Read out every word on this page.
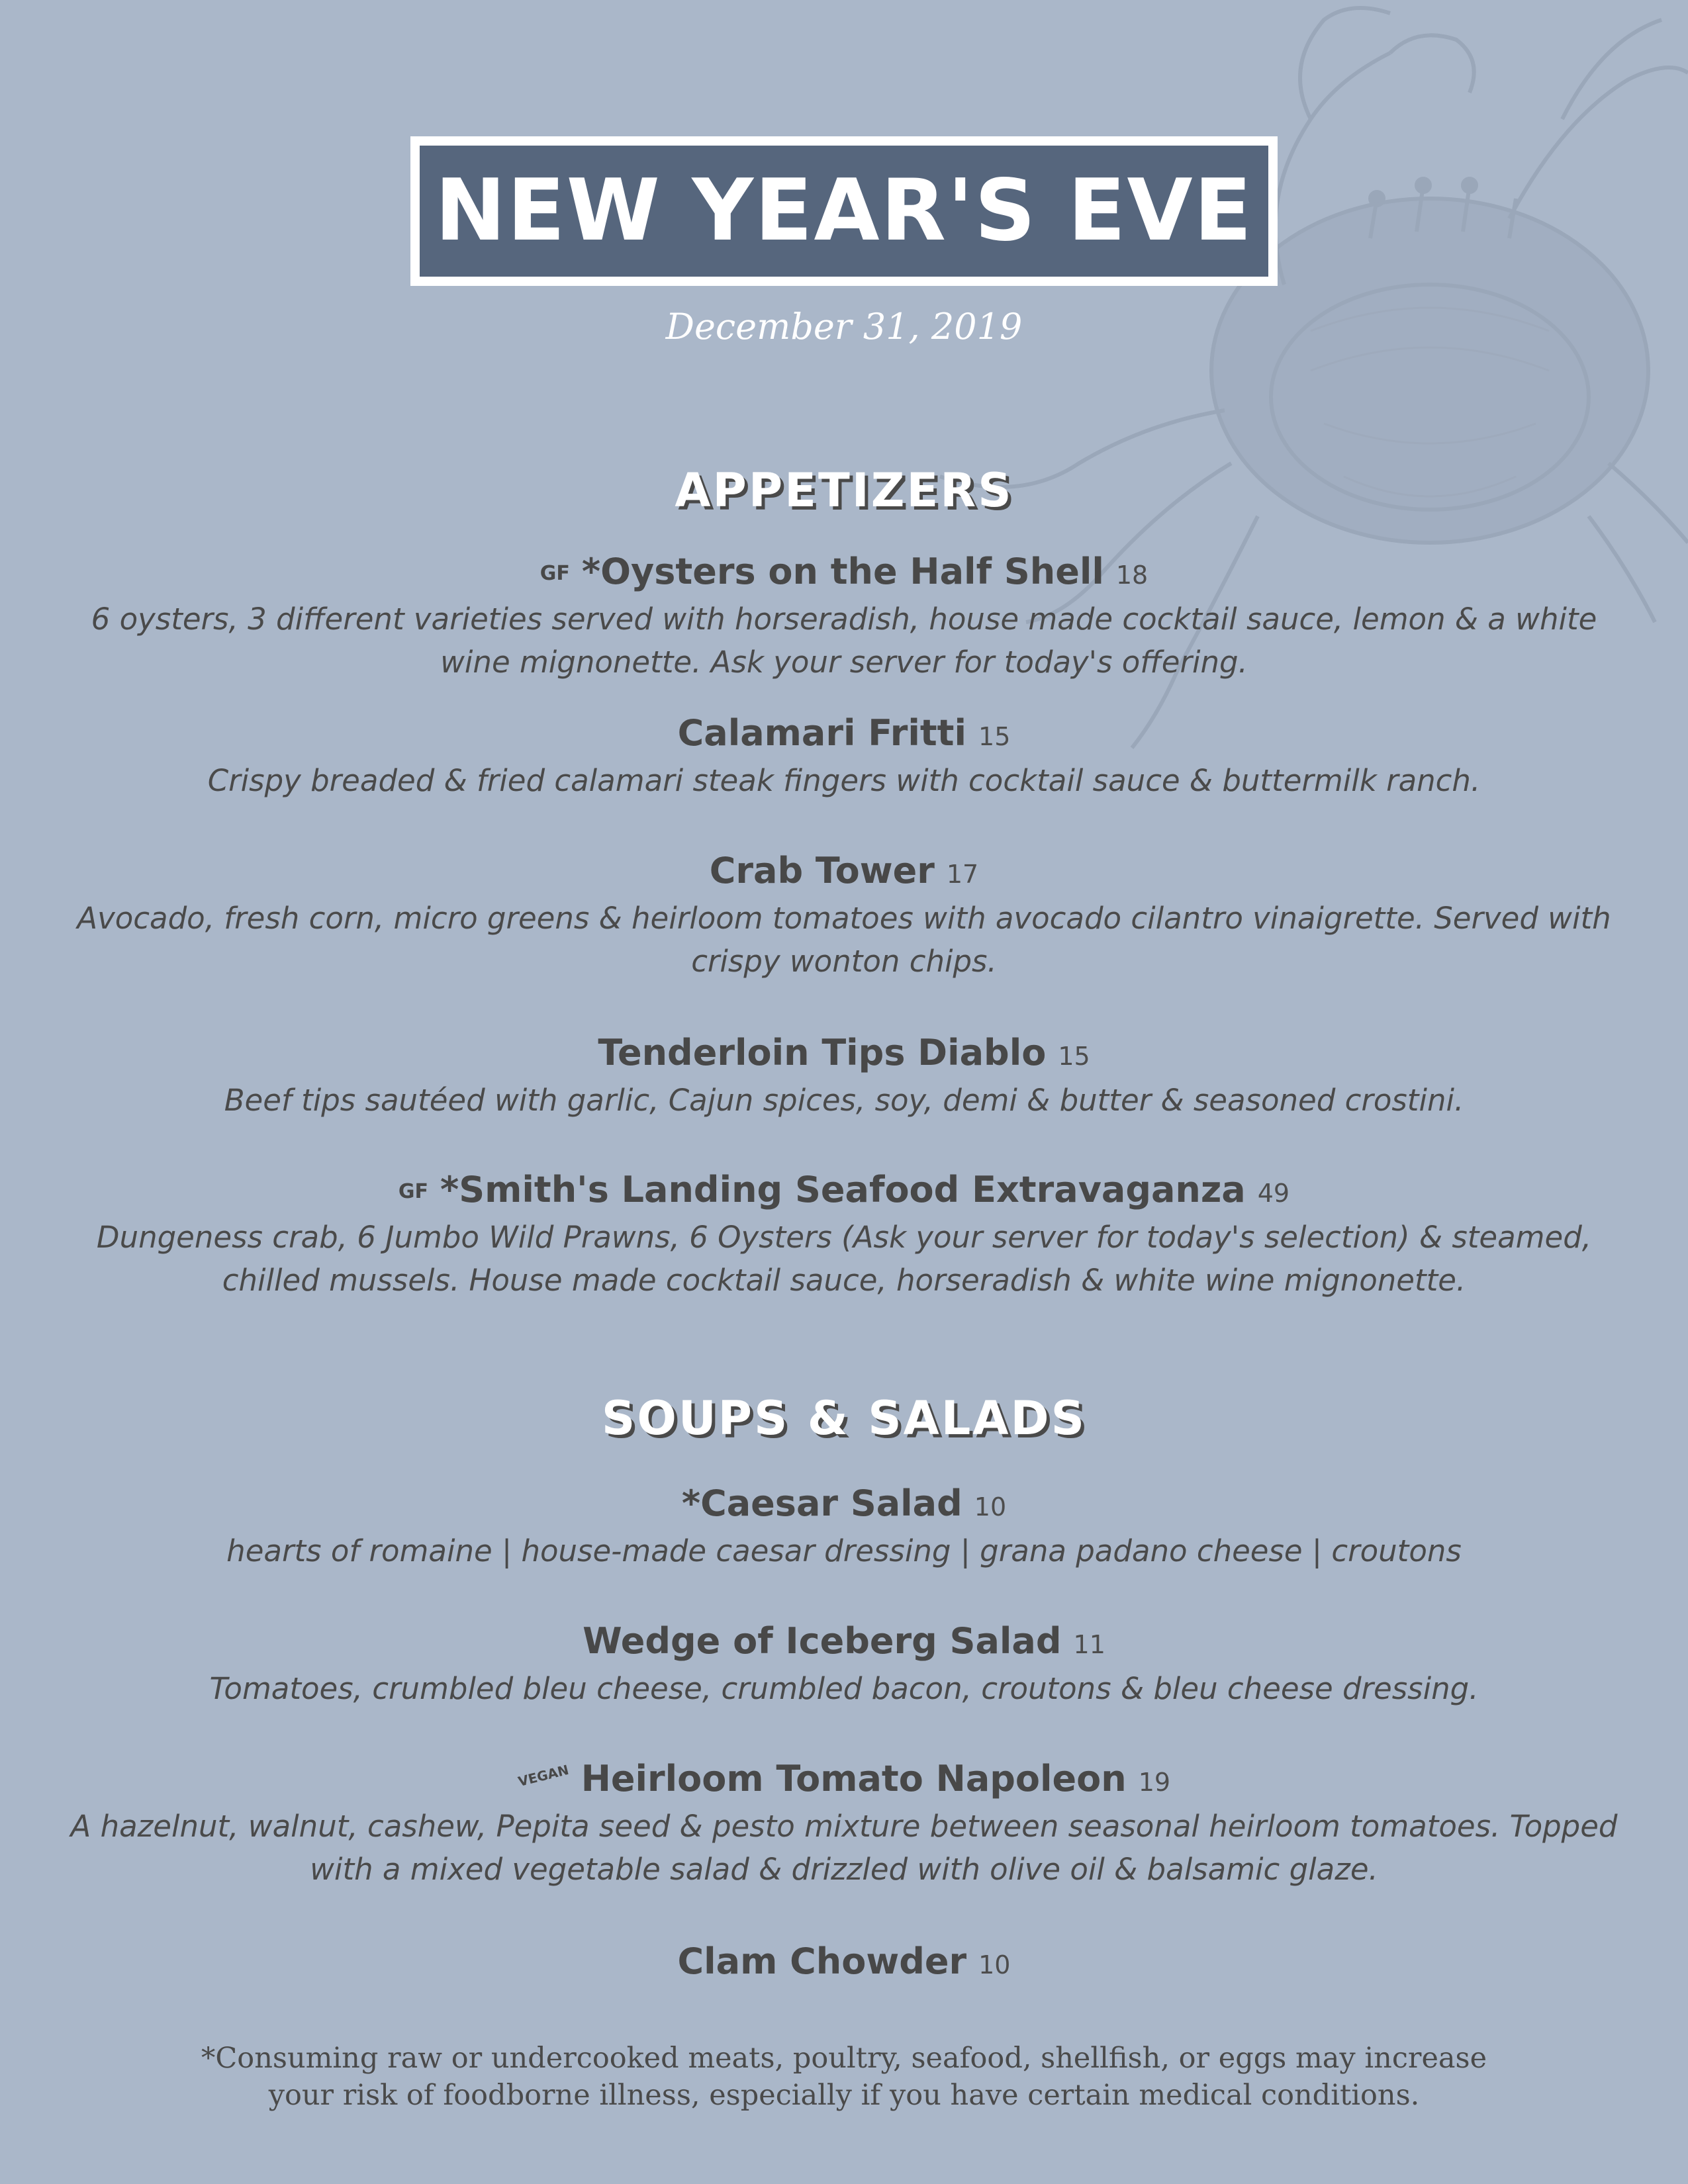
NEW YEAR'S EVE
December 31, 2019
APPETIZERS
GF *Oysters on the Half Shell 18
6 oysters, 3 different varieties served with horseradish, house made cocktail sauce, lemon & a white wine mignonette. Ask your server for today's offering.
Calamari Fritti 15
Crispy breaded & fried calamari steak fingers with cocktail sauce & buttermilk ranch.
Crab Tower 17
Avocado, fresh corn, micro greens & heirloom tomatoes with avocado cilantro vinaigrette. Served with crispy wonton chips.
Tenderloin Tips Diablo 15
Beef tips sautéed with garlic, Cajun spices, soy, demi & butter & seasoned crostini.
GF *Smith's Landing Seafood Extravaganza 49
Dungeness crab, 6 Jumbo Wild Prawns, 6 Oysters (Ask your server for today's selection) & steamed, chilled mussels. House made cocktail sauce, horseradish & white wine mignonette.
SOUPS & SALADS
*Caesar Salad 10
hearts of romaine | house-made caesar dressing | grana padano cheese | croutons
Wedge of Iceberg Salad 11
Tomatoes, crumbled bleu cheese, crumbled bacon, croutons & bleu cheese dressing.
VEGAN Heirloom Tomato Napoleon 19
A hazelnut, walnut, cashew, Pepita seed & pesto mixture between seasonal heirloom tomatoes. Topped with a mixed vegetable salad & drizzled with olive oil & balsamic glaze.
Clam Chowder 10
*Consuming raw or undercooked meats, poultry, seafood, shellfish, or eggs may increase
your risk of foodborne illness, especially if you have certain medical conditions.
